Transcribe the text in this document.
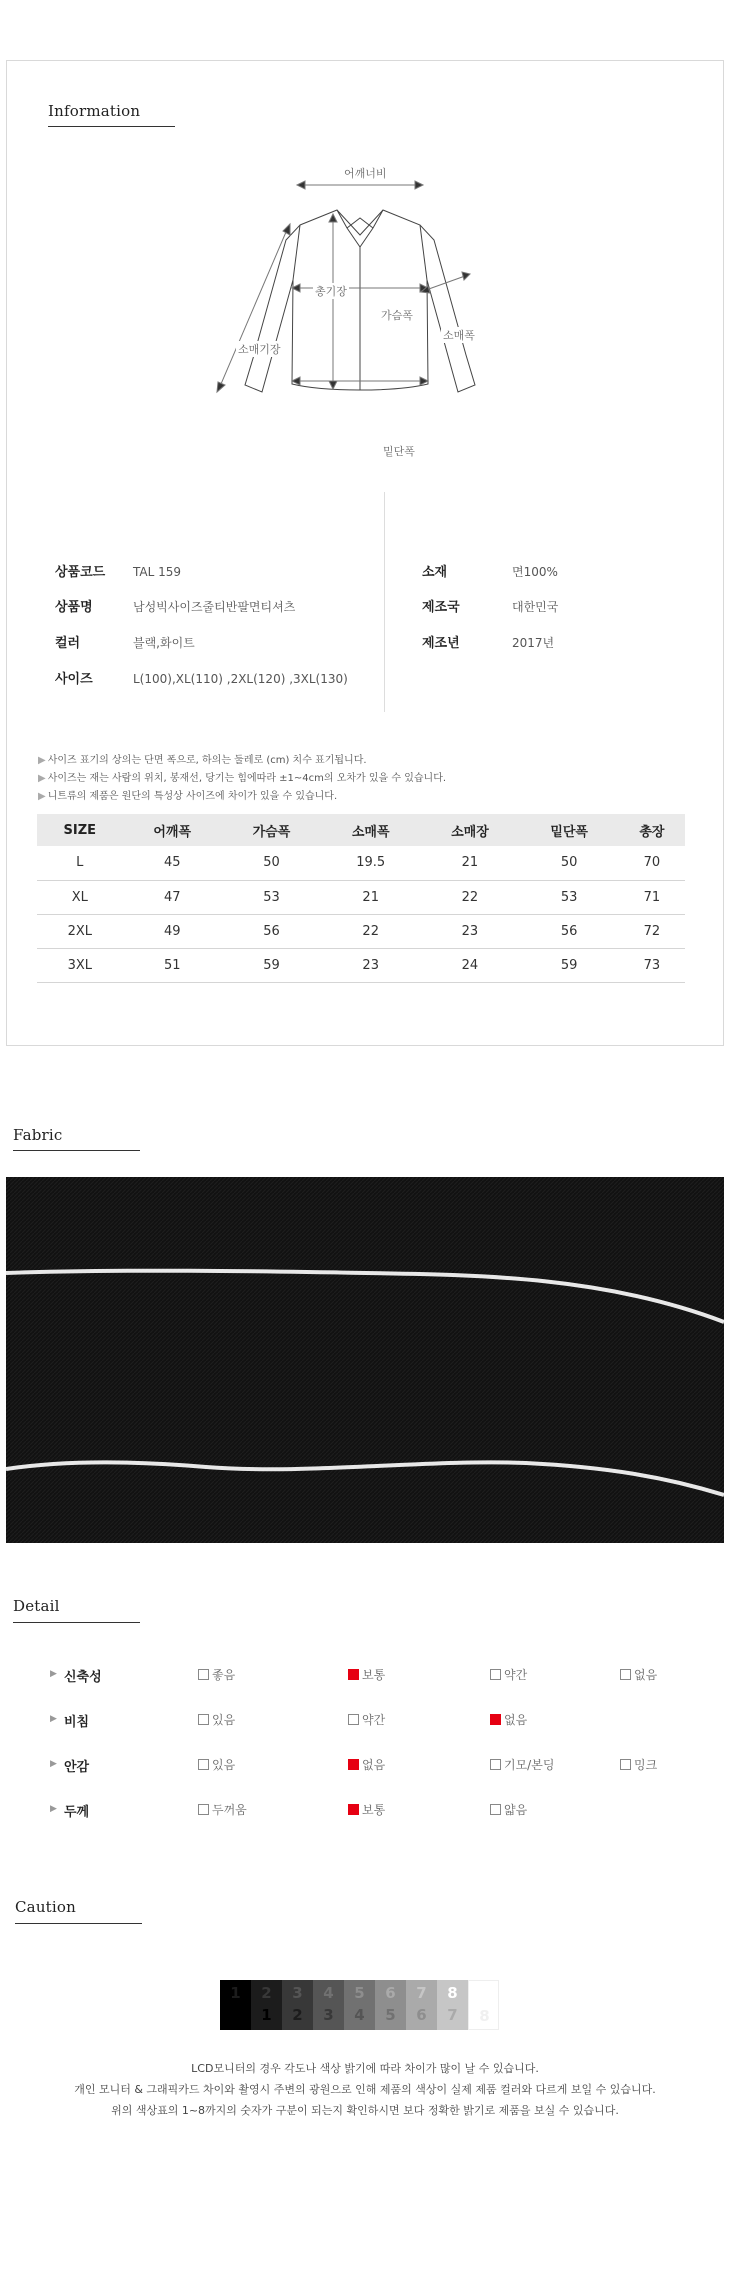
Information
어깨너비
총기장
가슴폭
소매폭
소매기장
밑단폭
상품코드 TAL 159
상품명	남성빅사이즈줄티반팔면티셔츠
컬러	블랙,화이트
사이즈	L(100),XL(110) ,2XL(120) ,3XL(130)
소재	면100%
제조국	대한민국
제조년	2017년
▶ 사이즈 표기의 상의는 단면 폭으로, 하의는 둘레로 (cm) 치수 표기됩니다.
▶ 사이즈는 재는 사람의 위치, 봉재선, 당기는 힘에따라 ±1~4cm의 오차가 있을 수 있습니다.
▶ 니트류의 제품은 원단의 특성상 사이즈에 차이가 있을 수 있습니다.
SIZE	어깨폭	가슴폭	소매폭	소매장	밑단폭	총장
L	45	50	19.5	21	50	70
XL	47	53	21	22	53	71
2XL	49	56	22	23	56	72
3XL	51	59	23	24	59	73
Fabric
Detail
▶ 신축성	좋음	보통	약간	없음
▶ 비침	있음	약간	없음
▶ 안감	있음	없음	기모/본딩	밍크
▶ 두께	두꺼움	보통	얇음
Caution
1	2
1
3
2
4
3
5
4
6
5
7
6
8
7	8
LCD모니터의 경우 각도나 색상 밝기에 따라 차이가 많이 날 수 있습니다.
개인 모니터 & 그래픽카드 차이와 촬영시 주변의 광원으로 인해 제품의 색상이 실제 제품 컬러와 다르게 보일 수 있습니다.
위의 색상표의 1~8까지의 숫자가 구분이 되는지 확인하시면 보다 정확한 밝기로 제품을 보실 수 있습니다.
